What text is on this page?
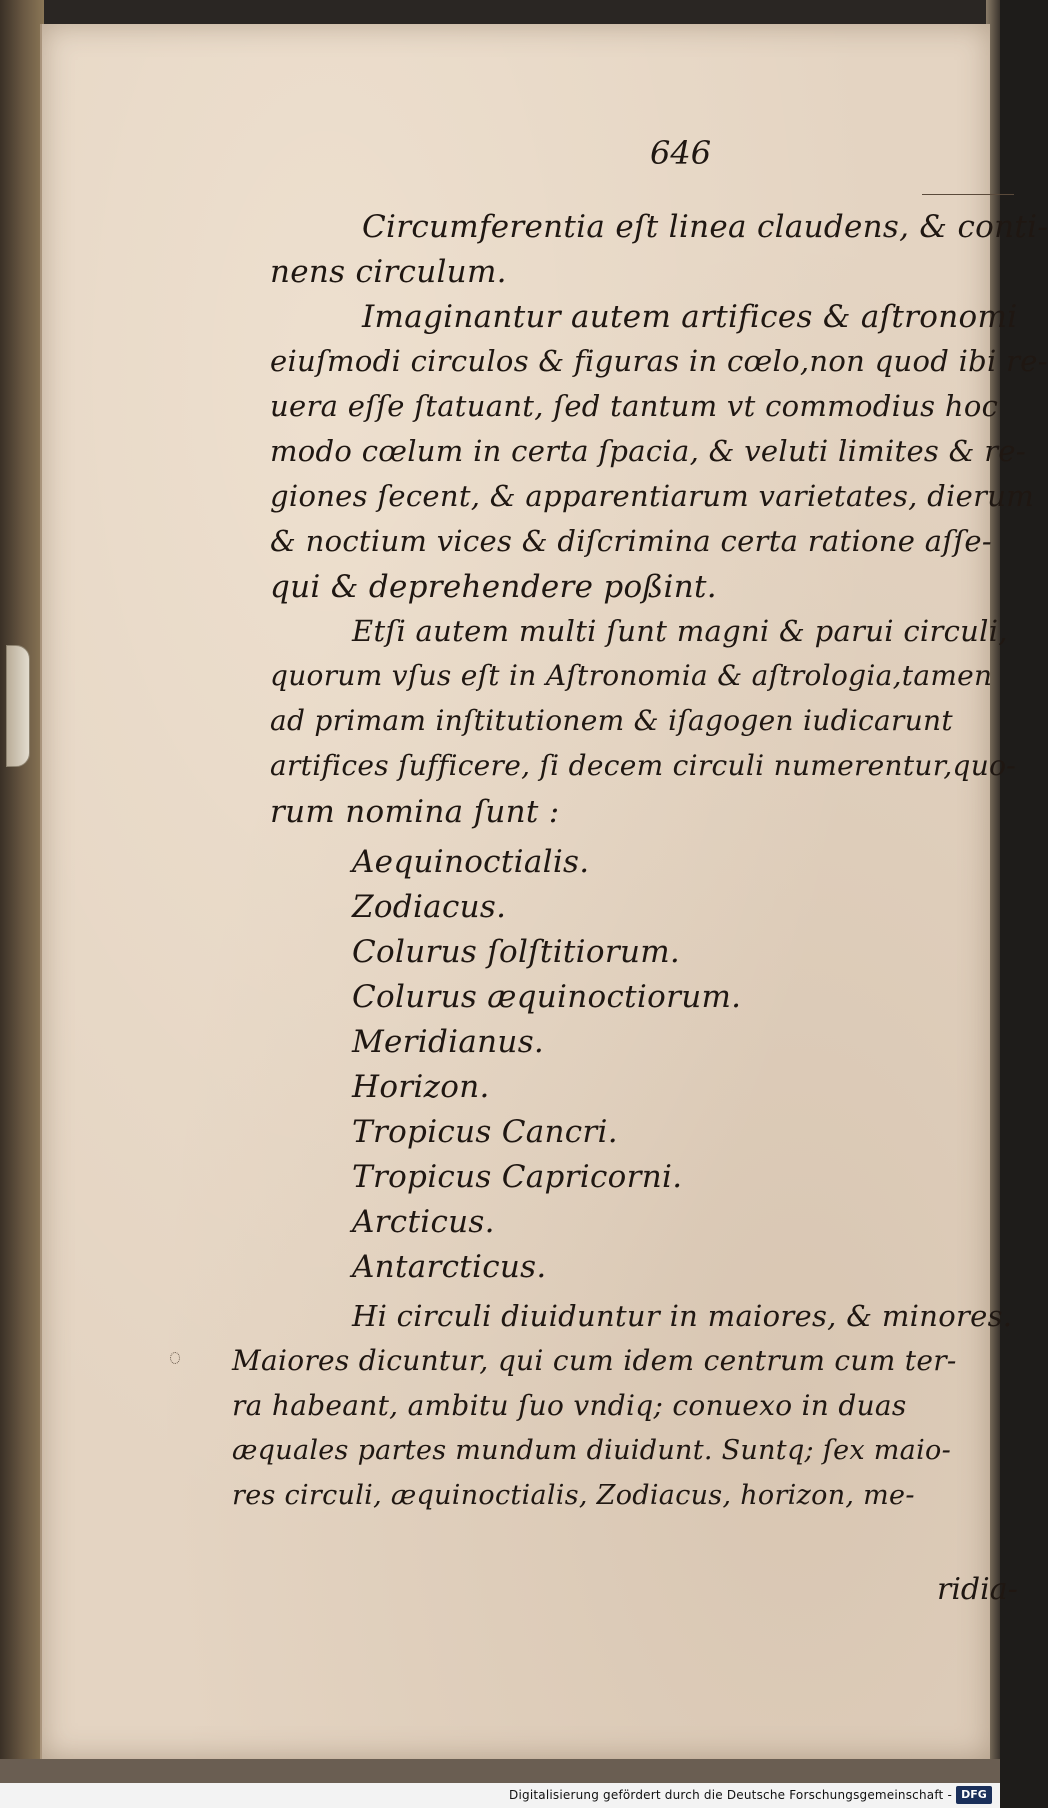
646
Circumferentia eſt linea claudens, & conti-
nens circulum.
Imaginantur autem artifices & aſtronomi
eiuſmodi circulos & figuras in cœlo,non quod ibi re-
uera eſſe ſtatuant, ſed tantum vt commodius hoc
modo cœlum in certa ſpacia, & veluti limites & re-
giones ſecent, & apparentiarum varietates, dierum
& noctium vices & diſcrimina certa ratione aſſe-
qui & deprehendere poßint.
Etſi autem multi ſunt magni & parui circuli,
quorum vſus eſt in Aſtronomia & aſtrologia,tamen
ad primam inſtitutionem & iſagogen iudicarunt
artifices ſufficere, ſi decem circuli numerentur,quo-
rum nomina ſunt :
Aequinoctialis.
Zodiacus.
Colurus ſolſtitiorum.
Colurus æquinoctiorum.
Meridianus.
Horizon.
Tropicus Cancri.
Tropicus Capricorni.
Arcticus.
Antarcticus.
Hi circuli diuiduntur in maiores, & minores.
Maiores dicuntur, qui cum idem centrum cum ter-
ra habeant, ambitu ſuo vndiq; conuexo in duas
æquales partes mundum diuidunt. Suntq; ſex maio-
res circuli, æquinoctialis, Zodiacus, horizon, me-
ridia-
Digitalisierung gefördert durch die Deutsche Forschungsgemeinschaft - DFG
